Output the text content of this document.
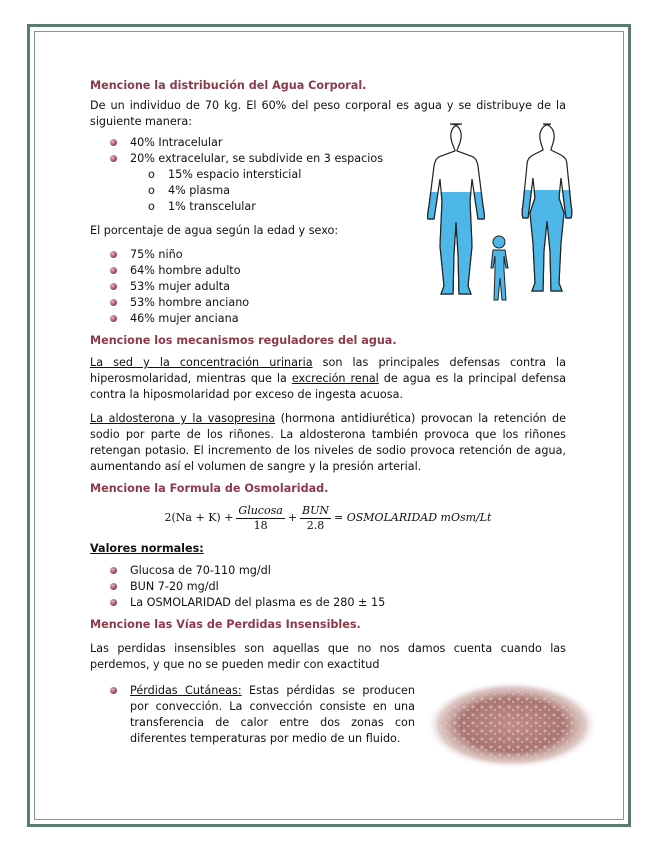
Mencione la distribución del Agua Corporal.

De un individuo de 70 kg. El 60% del peso corporal es agua y se distribuye de la siguiente manera:

40% Intracelular
20% extracelular, se subdivide en 3 espacios
o 15% espacio intersticial
o 4% plasma
o 1% transcelular

El porcentaje de agua según la edad y sexo:

75% niño
64% hombre adulto
53% mujer adulta
53% hombre anciano
46% mujer anciana

Mencione los mecanismos reguladores del agua.

La sed y la concentración urinaria son las principales defensas contra la hiperosmolaridad, mientras que la excreción renal de agua es la principal defensa contra la hiposmolaridad por exceso de ingesta acuosa.

La aldosterona y la vasopresina (hormona antidiurética) provocan la retención de sodio por parte de los riñones. La aldosterona también provoca que los riñones retengan potasio. El incremento de los niveles de sodio provoca retención de agua, aumentando así el volumen de sangre y la presión arterial.

Mencione la Formula de Osmolaridad.

$2(Na + K) + \frac{\text{Glucosa}}{18} + \frac{\text{BUN}}{2.8}$ = OSMOLARIDAD mOsm/Lt

Valores normales:

Glucosa de 70-110 mg/dl
BUN 7-20 mg/dl
La OSMOLARIDAD del plasma es de 280 ± 15

Mencione las Vías de Perdidas Insensibles.

Las perdidas insensibles son aquellas que no nos damos cuenta cuando las perdemos, y que no se pueden medir con exactitud

Pérdidas Cutáneas: Estas pérdidas se producen por convección. La convección consiste en una transferencia de calor entre dos zonas con diferentes temperaturas por medio de un fluido.
